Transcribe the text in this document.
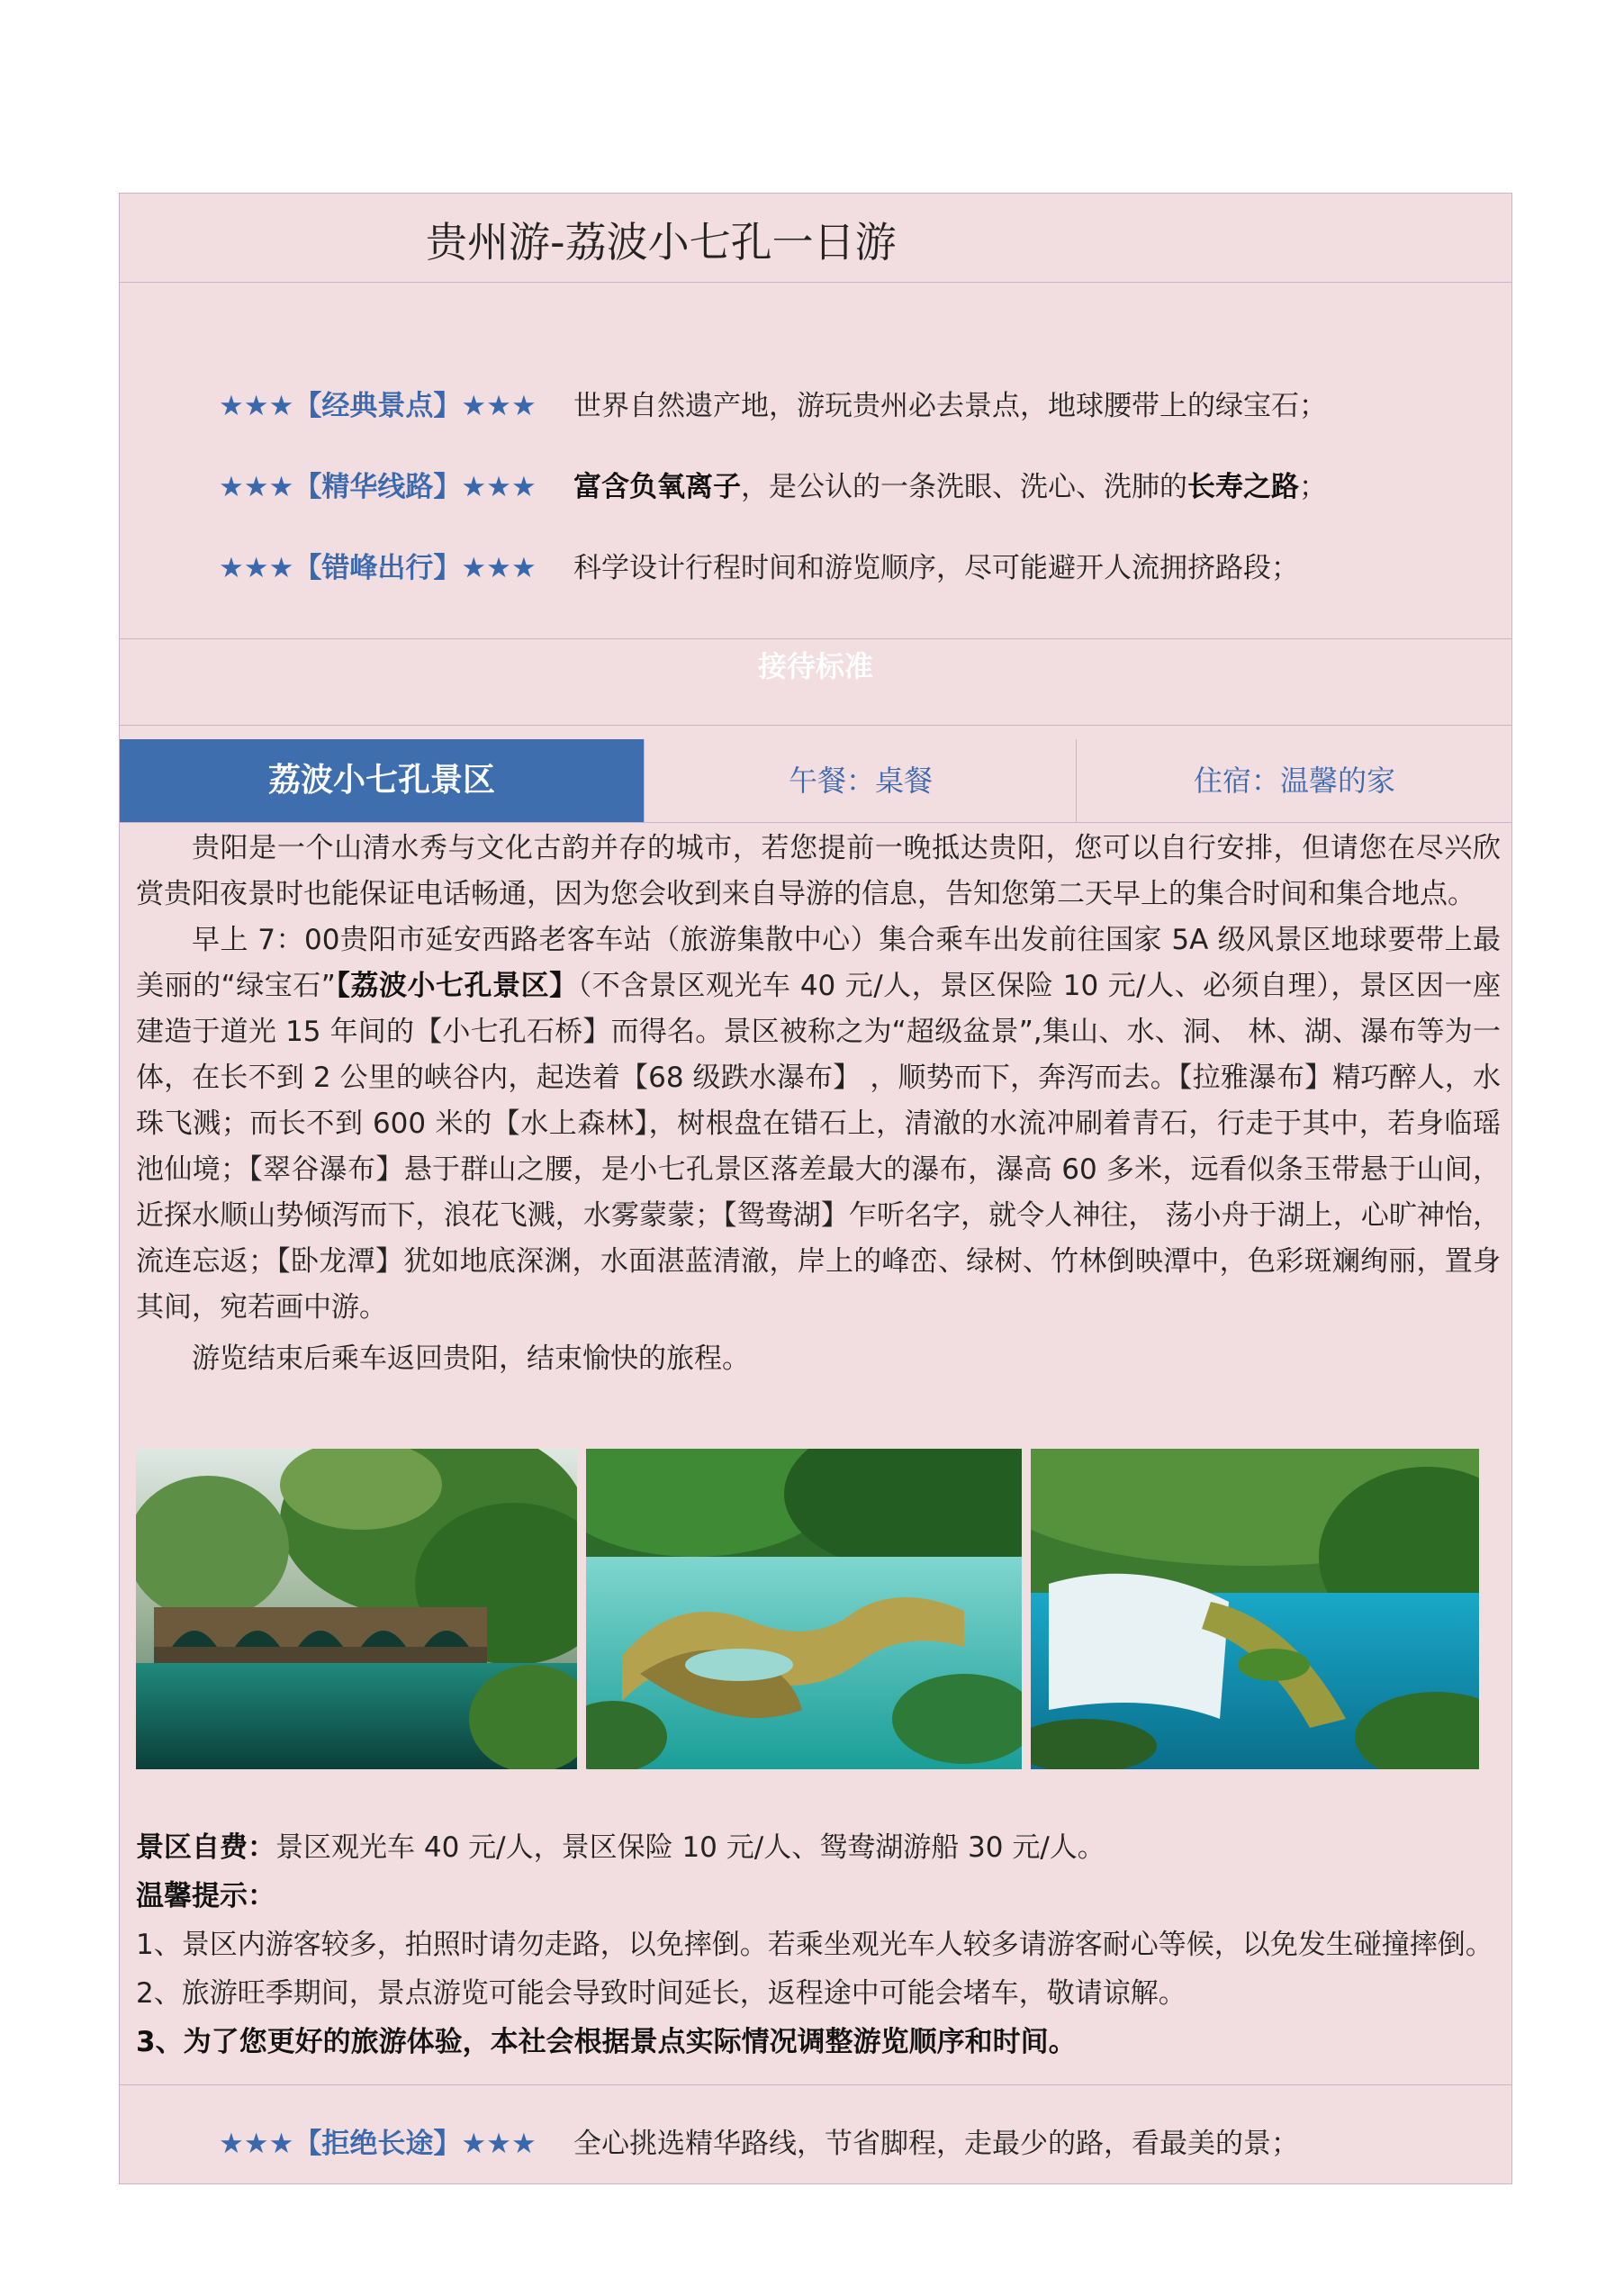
贵州游-荔波小七孔一日游
★★★【经典景点】★★★ 世界自然遗产地，游玩贵州必去景点，地球腰带上的绿宝石；
★★★【精华线路】★★★ 富含负氧离子，是公认的一条洗眼、洗心、洗肺的长寿之路；
★★★【错峰出行】★★★ 科学设计行程时间和游览顺序，尽可能避开人流拥挤路段；
接待标准
荔波小七孔景区	午餐：桌餐	住宿：温馨的家

贵阳是一个山清水秀与文化古韵并存的城市，若您提前一晚抵达贵阳，您可以自行安排，但请您在尽兴欣赏贵阳夜景时也能保证电话畅通，因为您会收到来自导游的信息，告知您第二天早上的集合时间和集合地点。

早上 7：00贵阳市延安西路老客车站（旅游集散中心）集合乘车出发前往国家 5A 级风景区地球要带上最美丽的“绿宝石”【荔波小七孔景区】（不含景区观光车 40 元/人，景区保险 10 元/人、必须自理），景区因一座建造于道光 15 年间的【小七孔石桥】而得名。景区被称之为“超级盆景”,集山、水、洞、 林、湖、瀑布等为一体，在长不到 2 公里的峡谷内，起迭着【68 级跌水瀑布】 ，顺势而下，奔泻而去。【拉雅瀑布】精巧醉人，水珠飞溅；而长不到 600 米的【水上森林】，树根盘在错石上，清澈的水流冲刷着青石，行走于其中，若身临瑶池仙境；【翠谷瀑布】悬于群山之腰，是小七孔景区落差最大的瀑布，瀑高 60 多米，远看似条玉带悬于山间，近探水顺山势倾泻而下，浪花飞溅，水雾蒙蒙；【鸳鸯湖】乍听名字，就令人神往， 荡小舟于湖上，心旷神怡， 流连忘返；【卧龙潭】犹如地底深渊，水面湛蓝清澈，岸上的峰峦、绿树、竹林倒映潭中，色彩斑斓绚丽，置身其间，宛若画中游。

游览结束后乘车返回贵阳，结束愉快的旅程。

景区自费：景区观光车 40 元/人，景区保险 10 元/人、鸳鸯湖游船 30 元/人。
温馨提示：
1、景区内游客较多，拍照时请勿走路，以免摔倒。若乘坐观光车人较多请游客耐心等候，以免发生碰撞摔倒。
2、旅游旺季期间，景点游览可能会导致时间延长，返程途中可能会堵车，敬请谅解。
3、为了您更好的旅游体验，本社会根据景点实际情况调整游览顺序和时间。
★★★【拒绝长途】★★★ 全心挑选精华路线，节省脚程，走最少的路，看最美的景；
